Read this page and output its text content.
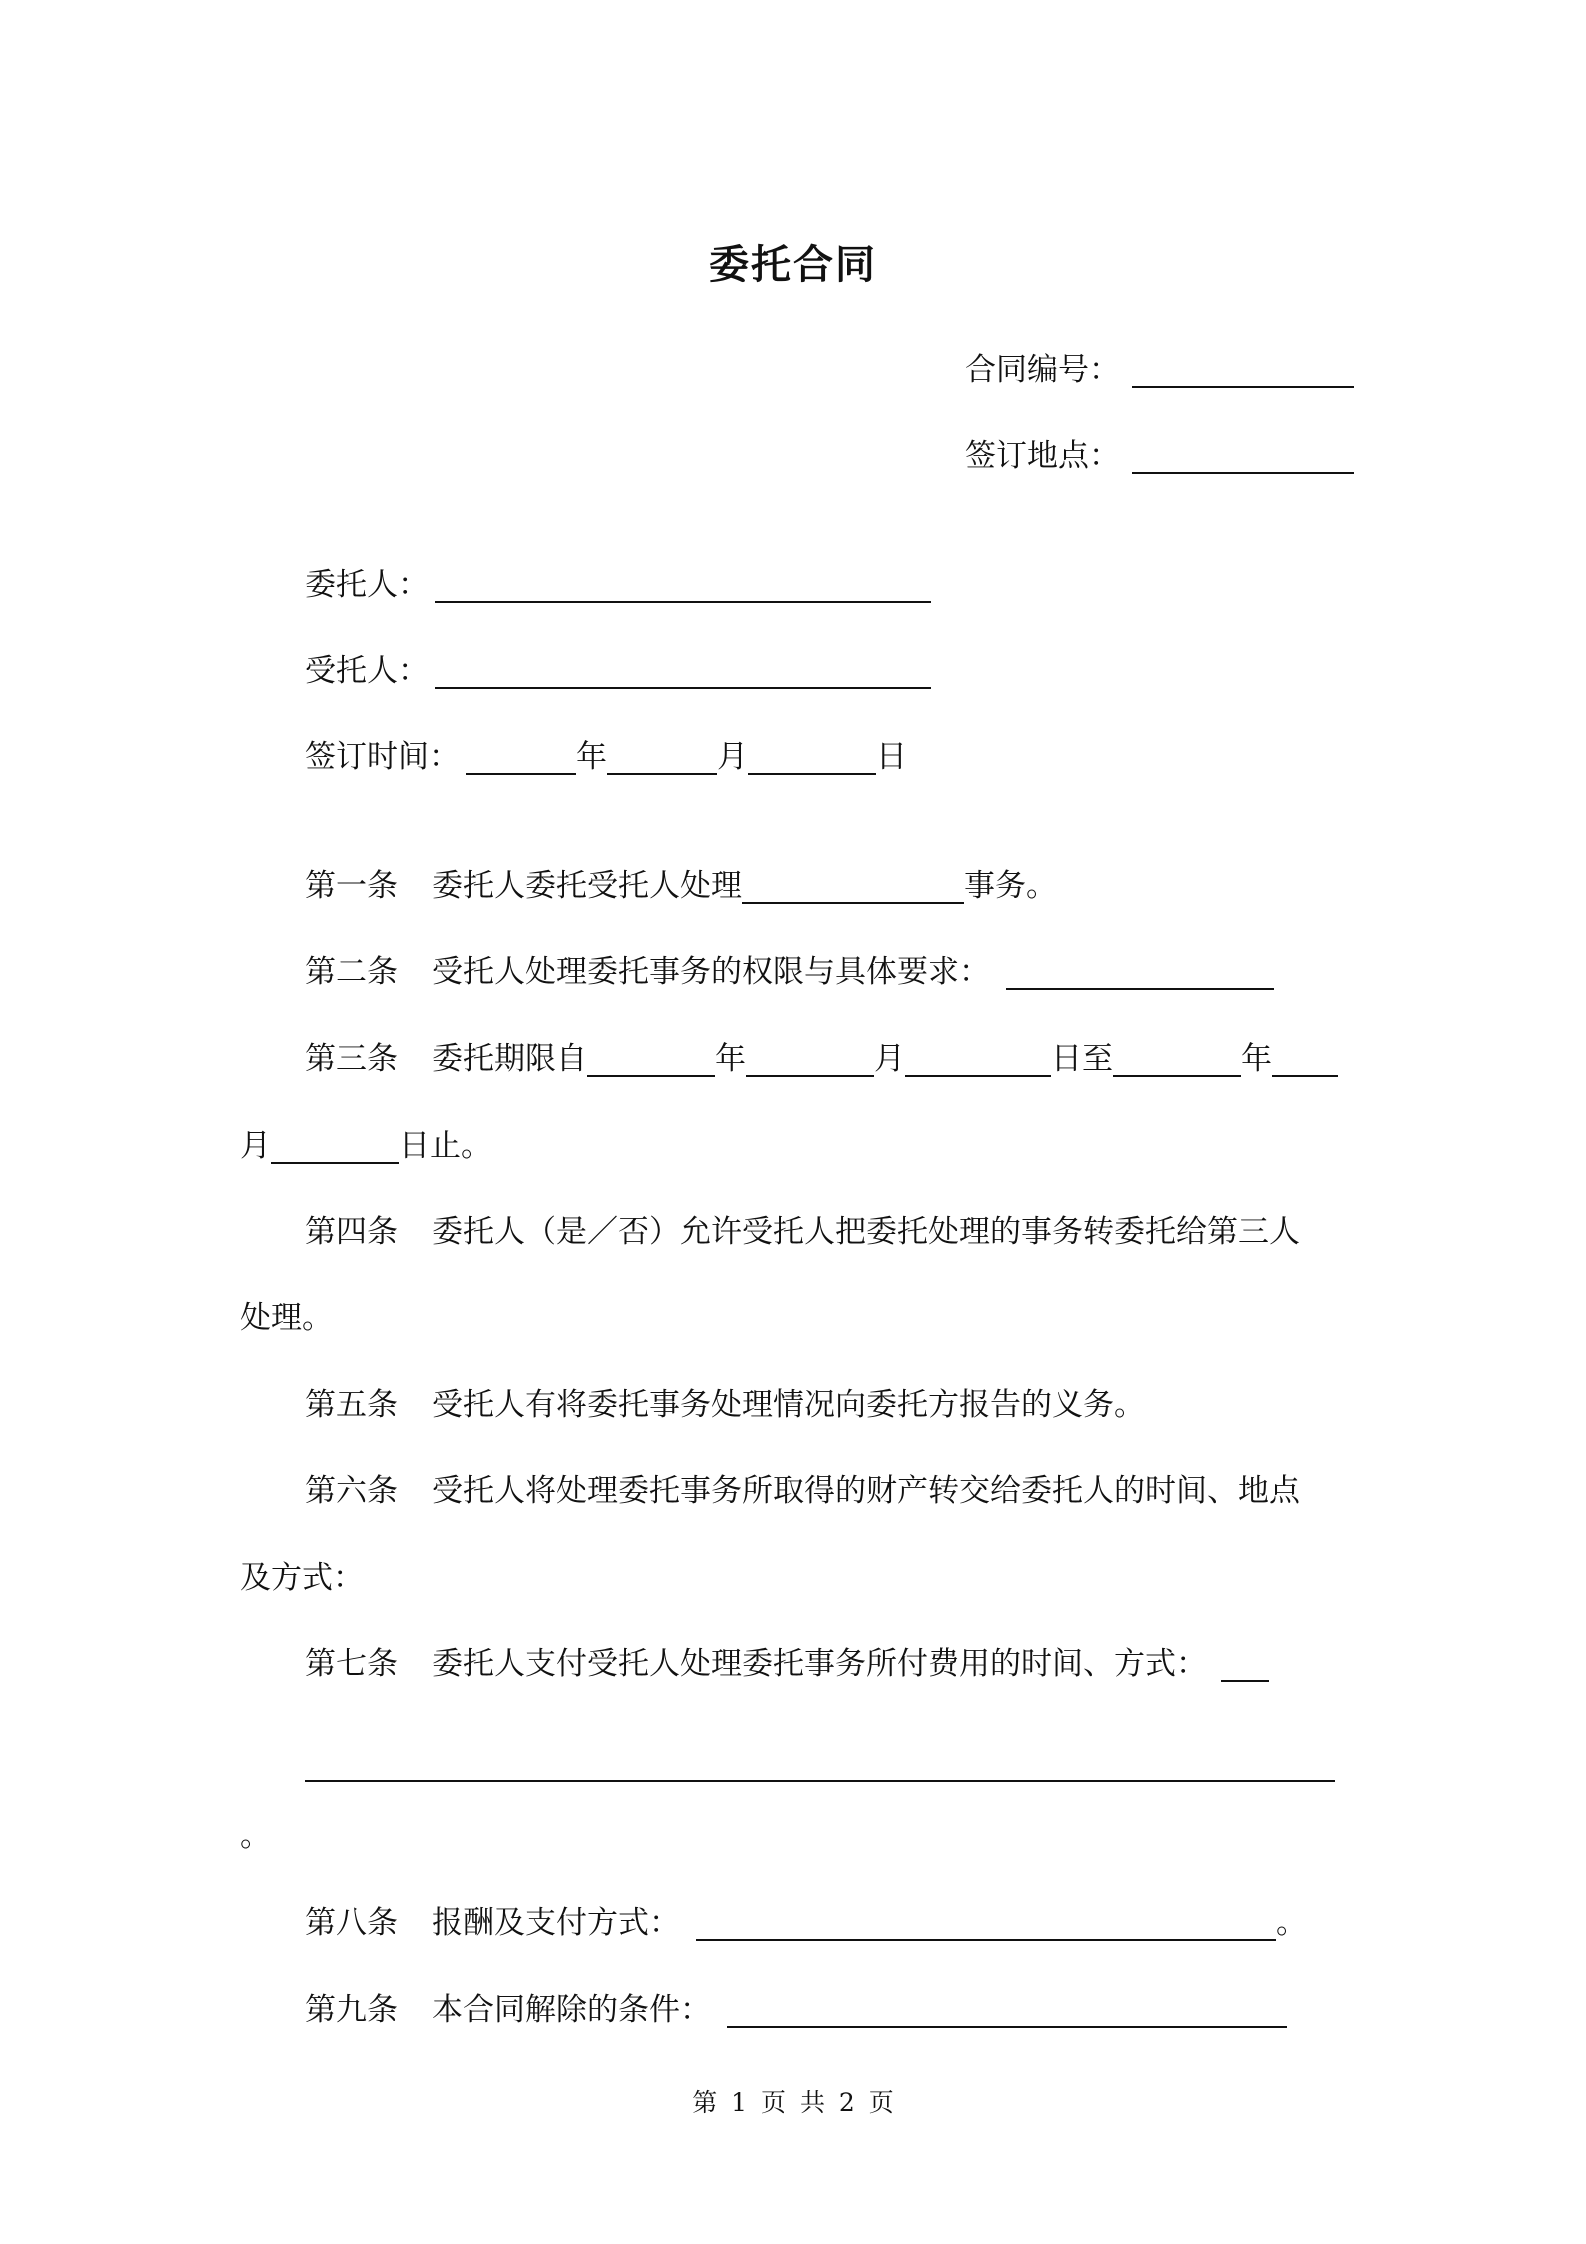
委托合同
合同编号：
签订地点：
委托人：
受托人：
签订时间：	年	月	日
第一条 委托人委托受托人处理	事务。
第二条 受托人处理委托事务的权限与具体要求：
第三条 委托期限自	年	月	日至	年
月	日止。
第四条 委托人（是／否）允许受托人把委托处理的事务转委托给第三人
处理。
第五条 受托人有将委托事务处理情况向委托方报告的义务。
第六条 受托人将处理委托事务所取得的财产转交给委托人的时间、地点
及方式：
第七条 委托人支付受托人处理委托事务所付费用的时间、方式：
。
第八条 报酬及支付方式：	。
第九条 本合同解除的条件：
第 1 页 共 2 页
